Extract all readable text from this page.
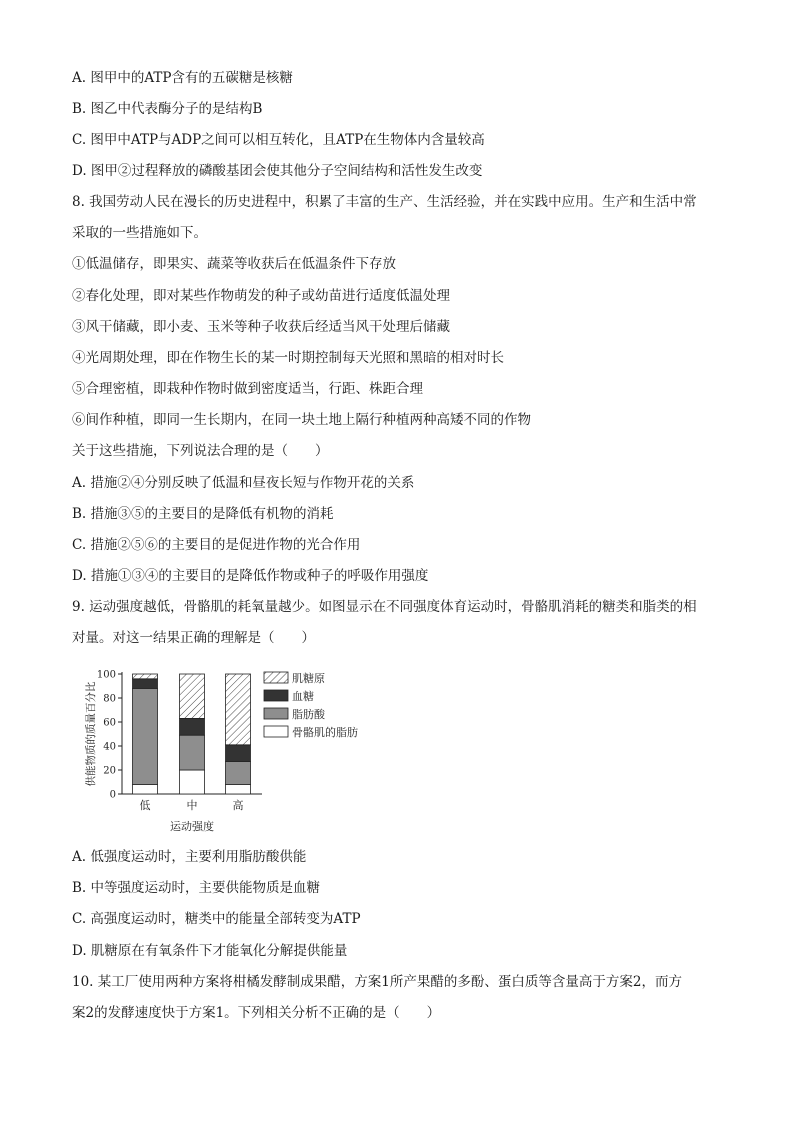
A. 图甲中的ATP含有的五碳糖是核糖
B. 图乙中代表酶分子的是结构B
C. 图甲中ATP与ADP之间可以相互转化，且ATP在生物体内含量较高
D. 图甲②过程释放的磷酸基团会使其他分子空间结构和活性发生改变
8. 我国劳动人民在漫长的历史进程中，积累了丰富的生产、生活经验，并在实践中应用。生产和生活中常
采取的一些措施如下。
①低温储存，即果实、蔬菜等收获后在低温条件下存放
②春化处理，即对某些作物萌发的种子或幼苗进行适度低温处理
③风干储藏，即小麦、玉米等种子收获后经适当风干处理后储藏
④光周期处理，即在作物生长的某一时期控制每天光照和黑暗的相对时长
⑤合理密植，即栽种作物时做到密度适当，行距、株距合理
⑥间作种植，即同一生长期内，在同一块土地上隔行种植两种高矮不同的作物
关于这些措施，下列说法合理的是（　　）
A. 措施②④分别反映了低温和昼夜长短与作物开花的关系
B. 措施③⑤的主要目的是降低有机物的消耗
C. 措施②⑤⑥的主要目的是促进作物的光合作用
D. 措施①③④的主要目的是降低作物或种子的呼吸作用强度
9. 运动强度越低，骨骼肌的耗氧量越少。如图显示在不同强度体育运动时，骨骼肌消耗的糖类和脂类的相
对量。对这一结果正确的理解是（　　）
A. 低强度运动时，主要利用脂肪酸供能
B. 中等强度运动时，主要供能物质是血糖
C. 高强度运动时，糖类中的能量全部转变为ATP
D. 肌糖原在有氧条件下才能氧化分解提供能量
10. 某工厂使用两种方案将柑橘发酵制成果醋，方案1所产果醋的多酚、蛋白质等含量高于方案2，而方
案2的发酵速度快于方案1。下列相关分析不正确的是（　　）
0
20
40
60
80
100
低	中	高
运动强度
供能物质的质量百分比
肌糖原
血糖
脂肪酸
骨骼肌的脂肪
